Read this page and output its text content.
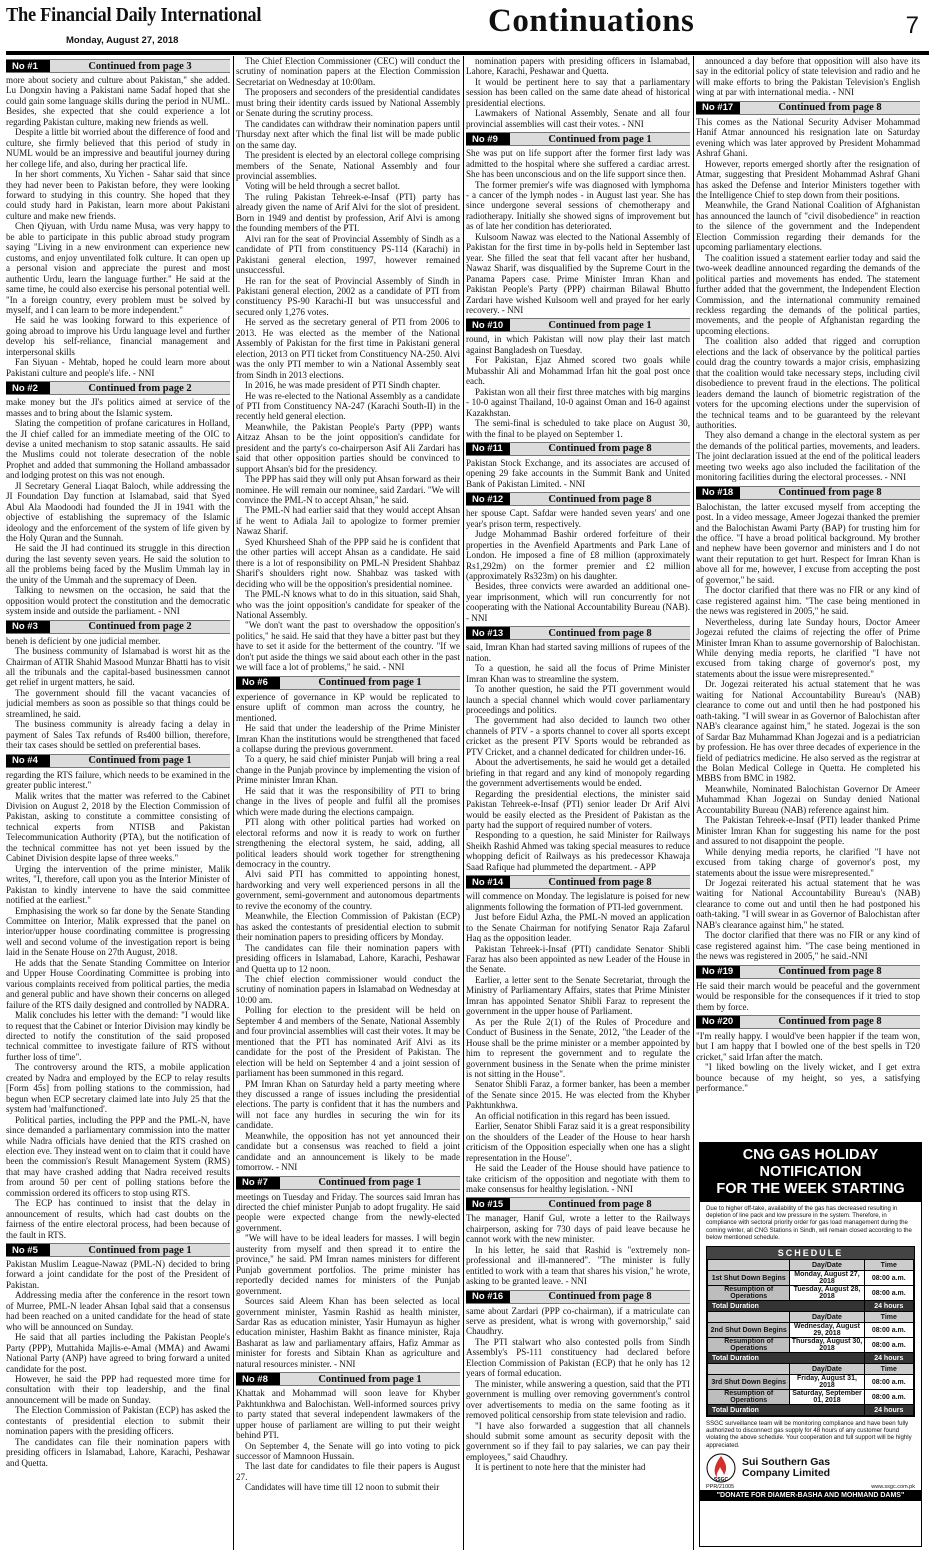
The Financial Daily International
Monday, August 27, 2018
Continuations	7
No #1	Continued from page 3

more about society and culture about Pakistan," she added. Lu Dongxin having a Pakistani name Sadaf hoped that she could gain some language skills during the period in NUML. Besides, she expected that she could experience a lot regarding Pakistan culture, making new friends as well.

Despite a little bit worried about the difference of food and culture, she firmly believed that this period of study in NUML would be an impressive and beautiful journey during her college life, and also, during her practical life.

In her short comments, Xu Yichen - Sahar said that since they had never been to Pakistan before, they were looking forward to studying in this country. She hoped that they could study hard in Pakistan, learn more about Pakistani culture and make new friends.

Chen Qiyuan, with Urdu name Musa, was very happy to be able to participate in this public abroad study program saying "Living in a new environment can experience new customs, and enjoy unventilated folk culture. It can open up a personal vision and appreciate the purest and most authentic Urdu, learn the language further." He said at the same time, he could also exercise his personal potential well. "In a foreign country, every problem must be solved by myself, and I can learn to be more independent."

He said he was looking forward to this experience of going abroad to improve his Urdu language level and further develop his self-reliance, financial management and interpersonal skills

Fan Siyuan - Mehtab, hoped he could learn more about Pakistani culture and people's life. - NNI

No #2	Continued from page 2

make money but the JI's politics aimed at service of the masses and to bring about the Islamic system.

Slating the competition of profane caricatures in Holland, the JI chief called for an immediate meeting of the OIC to devise a united mechanism to stop satanic assaults. He said the Muslims could not tolerate desecration of the noble Prophet and added that summoning the Holland ambassador and lodging protest on this was not enough.

JI Secretary General Liaqat Baloch, while addressing the JI Foundation Day function at Islamabad, said that Syed Abul Ala Maodoodi had founded the JI in 1941 with the objective of establishing the supremacy of the Islamic ideology and the enforcement of the system of life given by the Holy Quran and the Sunnah.

He said the JI had continued its struggle in this direction during the last seventy seven years. He said the solution to all the problems being faced by the Muslim Ummah lay in the unity of the Ummah and the supremacy of Deen.

Talking to newsmen on the occasion, he said that the opposition would protect the constitution and the democratic system inside and outside the parliament. - NNI

No #3	Continued from page 2

beneh is deficient by one judicial member.

The business community of Islamabad is worst hit as the Chairman of ATIR Shahid Masood Munzar Bhatti has to visit all the tribunals and the capital-based businessmen cannot get relief in urgent matters, he said.

The government should fill the vacant vacancies of judicial members as soon as possible so that things could be streamlined, he said.

The business community is already facing a delay in payment of Sales Tax refunds of Rs400 billion, therefore, their tax cases should be settled on preferential bases.

No #4	Continued from page 1

regarding the RTS failure, which needs to be examined in the greater public interest."

Malik writes that the matter was referred to the Cabinet Division on August 2, 2018 by the Election Commission of Pakistan, asking to constitute a committee consisting of technical experts from NTISB and Pakistan Telecommunication Authority (PTA), but the notification of the technical committee has not yet been issued by the Cabinet Division despite lapse of three weeks."

Urging the intervention of the prime minister, Malik writes, "I, therefore, call upon you as the Interior Minister of Pakistan to kindly intervene to have the said committee notified at the earliest."

Emphasising the work so far done by the Senate Standing Committee on Interior, Malik expressed that the panel on interior/upper house coordinating committee is progressing well and second volume of the investigation report is being laid in the Senate House on 27th August, 2018.

He adds that the Senate Standing Committee on Interior and Upper House Coordinating Committee is probing into various complaints received from political parties, the media and general public and have shown their concerns on alleged failure of the RTS daily designed and controlled by NADRA.

Malik concludes his letter with the demand: "I would like to request that the Cabinet or Interior Division may kindly be directed to notify the constitution of the said proposed technical committee to investigate failure of RTS without further loss of time".

The controversy around the RTS, a mobile application created by Nadra and employed by the ECP to relay results [Form 45s] from polling stations to the commission, had begun when ECP secretary claimed late into July 25 that the system had 'malfunctioned'.

Political parties, including the PPP and the PML-N, have since demanded a parliamentary commission into the matter while Nadra officials have denied that the RTS crashed on election eve. They instead went on to claim that it could have been the commission's Result Management System (RMS) that may have crashed adding that Nadra received results from around 50 per cent of polling stations before the commission ordered its officers to stop using RTS.

The ECP has continued to insist that the delay in announcement of results, which had cast doubts on the fairness of the entire electoral process, had been because of the fault in RTS.

No #5	Continued from page 1

Pakistan Muslim League-Nawaz (PML-N) decided to bring forward a joint candidate for the post of the President of Pakistan.

Addressing media after the conference in the resort town of Murree, PML-N leader Ahsan Iqbal said that a consensus had been reached on a united candidate for the head of state who will be announced on Sunday.

He said that all parties including the Pakistan People's Party (PPP), Muttahida Majlis-e-Amal (MMA) and Awami National Party (ANP) have agreed to bring forward a united candidate for the post.

However, he said the PPP had requested more time for consultation with their top leadership, and the final announcement will be made on Sunday.

The Election Commission of Pakistan (ECP) has asked the contestants of presidential election to submit their nomination papers with the presiding officers.

The candidates can file their nomination papers with presiding officers in Islamabad, Lahore, Karachi, Peshawar and Quetta.

The Chief Election Commissioner (CEC) will conduct the scrutiny of nomination papers at the Election Commission Secretariat on Wednesday at 10:00am.

The proposers and seconders of the presidential candidates must bring their identity cards issued by National Assembly or Senate during the scrutiny process.

The candidates can withdraw their nomination papers until Thursday next after which the final list will be made public on the same day.

The president is elected by an electoral college comprising members of the Senate, National Assembly and four provincial assemblies.

Voting will be held through a secret ballot.

The ruling Pakistan Tehreek-e-Insaf (PTI) party has already given the name of Arif Alvi for the slot of president. Born in 1949 and dentist by profession, Arif Alvi is among the founding members of the PTI.

Alvi ran for the seat of Provincial Assembly of Sindh as a candidate of PTI from constituency PS-114 (Karachi) in Pakistani general election, 1997, however remained unsuccessful.

He ran for the seat of Provincial Assembly of Sindh in Pakistani general election, 2002 as a candidate of PTI from constituency PS-90 Karachi-II but was unsuccessful and secured only 1,276 votes.

He served as the secretary general of PTI from 2006 to 2013. He was elected as the member of the National Assembly of Pakistan for the first time in Pakistani general election, 2013 on PTI ticket from Constituency NA-250. Alvi was the only PTI member to win a National Assembly seat from Sindh in 2013 elections.

In 2016, he was made president of PTI Sindh chapter.

He was re-elected to the National Assembly as a candidate of PTI from Constituency NA-247 (Karachi South-II) in the recently held general election.

Meanwhile, the Pakistan People's Party (PPP) wants Aitzaz Ahsan to be the joint opposition's candidate for president and the party's co-chairperson Asif Ali Zardari has said that other opposition parties should be convinced to support Ahsan's bid for the presidency.

The PPP has said they will only put Ahsan forward as their nominee. He will remain our nominee, said Zardari. "We will convince the PML-N to accept Ahsan," he said.

The PML-N had earlier said that they would accept Ahsan if he went to Adiala Jail to apologize to former premier Nawaz Sharif.

Syed Khursheed Shah of the PPP said he is confident that the other parties will accept Ahsan as a candidate. He said there is a lot of responsibility on PML-N President Shahbaz Sharif's shoulders right now. Shahbaz was tasked with deciding who will be the opposition's presidential nominee.

The PML-N knows what to do in this situation, said Shah, who was the joint opposition's candidate for speaker of the National Assembly.

"We don't want the past to overshadow the opposition's politics," he said. He said that they have a bitter past but they have to set it aside for the betterment of the country. "If we don't put aside the things we said about each other in the past we will face a lot of problems," he said. - NNI

No #6	Continued from page 1

experience of governance in KP would be replicated to ensure uplift of common man across the country, he mentioned.

He said that under the leadership of the Prime Minister Imran Khan the institutions would be strengthened that faced a collapse during the previous government.

To a query, he said chief minister Punjab will bring a real change in the Punjab province by implementing the vision of Prime minister Imran Khan.

He said that it was the responsibility of PTI to bring change in the lives of people and fulfil all the promises which were made during the elections campaign.

PTI along with other political parties had worked on electoral reforms and now it is ready to work on further strengthening the electoral system, he said, adding, all political leaders should work together for strengthening democracy in the country.

Alvi said PTI has committed to appointing honest, hardworking and very well experienced persons in all the government, semi-government and autonomous departments to revive the economy of the country.

Meanwhile, the Election Commission of Pakistan (ECP) has asked the contestants of presidential election to submit their nomination papers to presiding officers by Monday.

The candidates can file their nomination papers with presiding officers in Islamabad, Lahore, Karachi, Peshawar and Quetta up to 12 noon.

The chief election commissioner would conduct the scrutiny of nomination papers in Islamabad on Wednesday at 10:00 am.

Polling for election to the president will be held on September 4 and members of the Senate, National Assembly and four provincial assemblies will cast their votes. It may be mentioned that the PTI has nominated Arif Alvi as its candidate for the post of the President of Pakistan. The election will be held on September 4 and a joint session of parliament has been summoned in this regard.

PM Imran Khan on Saturday held a party meeting where they discussed a range of issues including the presidential elections. The party is confident that it has the numbers and will not face any hurdles in securing the win for its candidate.

Meanwhile, the opposition has not yet announced their candidate but a consensus was reached to field a joint candidate and an announcement is likely to be made tomorrow. - NNI

No #7	Continued from page 1

meetings on Tuesday and Friday. The sources said Imran has directed the chief minister Punjab to adopt frugality. He said people were expected change from the newly-elected government.

"We will have to be ideal leaders for masses. I will begin austerity from myself and then spread it to entire the province," he said. PM Imran names ministers for different Punjab government portfolios. The prime minister has reportedly decided names for ministers of the Punjab government.

Sources said Aleem Khan has been selected as local government minister, Yasmin Rashid as health minister, Sardar Ras as education minister, Yasir Humayun as higher education minister, Hashim Bakht as finance minister, Raja Basharat as law and parliamentary affairs, Hafiz Ammar as minister for forests and Sibtain Khan as agriculture and natural resources minister. - NNI

No #8	Continued from page 1

Khattak and Mohammad will soon leave for Khyber Pakhtunkhwa and Balochistan. Well-informed sources privy to party stated that several independent lawmakers of the upper house of parliament are willing to put their weight behind PTI.

On September 4, the Senate will go into voting to pick successor of Mamnoon Hussain.

The last date for candidates to file their papers is August 27.

Candidates will have time till 12 noon to submit their

nomination papers with presiding officers in Islamabad, Lahore, Karachi, Peshawar and Quetta.

It would be pertinent here to say that a parliamentary session has been called on the same date ahead of historical presidential elections.

Lawmakers of National Assembly, Senate and all four provincial assemblies will cast their votes. - NNI

No #9	Continued from page 1

She was put on life support after the former first lady was admitted to the hospital where she suffered a cardiac arrest. She has been unconscious and on the life support since then.

The former premier's wife was diagnosed with lymphoma - a cancer of the lymph nodes - in August last year. She has since undergone several sessions of chemotherapy and radiotherapy. Initially she showed signs of improvement but as of late her condition has deteriorated.

Kulsoom Nawaz was elected to the National Assembly of Pakistan for the first time in by-polls held in September last year. She filled the seat that fell vacant after her husband, Nawaz Sharif, was disqualified by the Supreme Court in the Panama Papers case. Prime Minister Imran Khan and Pakistan People's Party (PPP) chairman Bilawal Bhutto Zardari have wished Kulsoom well and prayed for her early recovery. - NNI

No #10	Continued from page 1

round, in which Pakistan will now play their last match against Bangladesh on Tuesday.

For Pakistan, Ejaz Ahmed scored two goals while Mubasshir Ali and Mohammad Irfan hit the goal post once each.

Pakistan won all their first three matches with big margins - 10-0 against Thailand, 10-0 against Oman and 16-0 against Kazakhstan.

The semi-final is scheduled to take place on August 30, with the final to be played on September 1.

No #11	Continued from page 8

Pakistan Stock Exchange, and its associates are accused of opening 29 fake accounts in the Summit Bank and United Bank of Pakistan Limited. - NNI

No #12	Continued from page 8

her spouse Capt. Safdar were handed seven years' and one year's prison term, respectively.

Judge Mohammad Bashir ordered forfeiture of their properties in the Avenfield Apartments and Park Lane of London. He imposed a fine of £8 million (approximately Rs1,292m) on the former premier and £2 million (approximately Rs323m) on his daughter.

Besides, three convicts were awarded an additional one-year imprisonment, which will run concurrently for not cooperating with the National Accountability Bureau (NAB). - NNI

No #13	Continued from page 8

said, Imran Khan had started saving millions of rupees of the nation.

To a question, he said all the focus of Prime Minister Imran Khan was to streamline the system.

To another question, he said the PTI government would launch a special channel which would cover parliamentary proceedings and politics.

The government had also decided to launch two other channels of PTV - a sports channel to cover all sports except cricket as the present PTV Sports would be rebranded as PTV Cricket, and a channel dedicated for children under-16.

About the advertisements, he said he would get a detailed briefing in that regard and any kind of monopoly regarding the government advertisements would be ended.

Regarding the presidential elections, the minister said Pakistan Tehreek-e-Insaf (PTI) senior leader Dr Arif Alvi would be easily elected as the President of Pakistan as the party had the support of required number of voters.

Responding to a question, he said Minister for Railways Sheikh Rashid Ahmed was taking special measures to reduce whopping deficit of Railways as his predecessor Khawaja Saad Rafique had plummeted the department. - APP

No #14	Continued from page 8

will commence on Monday. The legislature is poised for new alignments following the formation of PTI-led government.

Just before Eidul Azha, the PML-N moved an application to the Senate Chairman for notifying Senator Raja Zafarul Haq as the opposition leader.

Pakistan Tehreek-i-Insaf (PTI) candidate Senator Shibli Faraz has also been appointed as new Leader of the House in the Senate.

Earlier, a letter sent to the Senate Secretariat, through the Ministry of Parliamentary Affairs, states that Prime Minister Imran has appointed Senator Shibli Faraz to represent the government in the upper house of Parliament.

As per the Rule 2(1) of the Rules of Procedure and Conduct of Business in the Senate, 2012, "the Leader of the House shall be the prime minister or a member appointed by him to represent the government and to regulate the government business in the Senate when the prime minister is not sitting in the House".

Senator Shibli Faraz, a former banker, has been a member of the Senate since 2015. He was elected from the Khyber Pakhtunkhwa.

An official notification in this regard has been issued.

Earlier, Senator Shibli Faraz said it is a great responsibility on the shoulders of the Leader of the House to hear harsh criticism of the Opposition especially when one has a slight representation in the House".

He said the Leader of the House should have patience to take criticism of the opposition and negotiate with them to make consensus for healthy legislation. - NNI

No #15	Continued from page 8

The manager, Hanif Gul, wrote a letter to the Railways chairperson, asking for 730 days of paid leave because he cannot work with the new minister.

In his letter, he said that Rashid is "extremely non-professional and ill-mannered". "The minister is fully entitled to work with a team that shares his vision," he wrote, asking to be granted leave. - NNI

No #16	Continued from page 8

same about Zardari (PPP co-chairman), if a matriculate can serve as president, what is wrong with governorship," said Chaudhry.

The PTI stalwart who also contested polls from Sindh Assembly's PS-111 constituency had declared before Election Commission of Pakistan (ECP) that he only has 12 years of formal education.

The minister, while answering a question, said that the PTI government is mulling over removing government's control over advertisements to media on the same footing as it removed political censorship from state television and radio.

"I have also forwarded a suggestion that all channels should submit some amount as security deposit with the government so if they fail to pay salaries, we can pay their employees," said Chaudhry.

It is pertinent to note here that the minister had

announced a day before that opposition will also have its say in the editorial policy of state television and radio and he will make efforts to bring the Pakistan Television's English wing at par with international media. - NNI

No #17	Continued from page 8

This comes as the National Security Adviser Mohammad Hanif Atmar announced his resignation late on Saturday evening which was later approved by President Mohammad Ashraf Ghani.

However, reports emerged shortly after the resignation of Atmar, suggesting that President Mohammad Ashraf Ghani has asked the Defense and Interior Ministers together with the Intelligence Chief to step down from their positions.

Meanwhile, the Grand National Coalition of Afghanistan has announced the launch of "civil disobedience" in reaction to the silence of the government and the Independent Election Commission regarding their demands for the upcoming parliamentary elections.

The coalition issued a statement earlier today and said the two-week deadline announced regarding the demands of the political parties and movements has ended. The statement further added that the government, the Independent Election Commission, and the international community remained reckless regarding the demands of the political parties, movements, and the people of Afghanistan regarding the upcoming elections.

The coalition also added that rigged and corruption elections and the lack of observance by the political parties could drag the country towards a major crisis, emphasizing that the coalition would take necessary steps, including civil disobedience to prevent fraud in the elections. The political leaders demand the launch of biometric registration of the voters for the upcoming elections under the supervision of the technical teams and to be guaranteed by the relevant authorities.

They also demand a change in the electoral system as per the demands of the political parties, movements, and leaders. The joint declaration issued at the end of the political leaders meeting two weeks ago also included the facilitation of the monitoring facilities during the electoral processes. - NNI

No #18	Continued from page 8

Balochistan, the latter excused myself from accepting the post. In a video message, Ameer Jogezai thanked the premier and the Balochistan Awami Party (BAP) for trusting him for the office. "I have a broad political background. My brother and nephew have been governor and ministers and I do not want their reputation to get hurt. Respect for Imran Khan is above all for me, however, I excuse from accepting the post of governor," he said.

The doctor clarified that there was no FIR or any kind of case registered against him. "The case being mentioned in the news was registered in 2005," he said.

Nevertheless, during late Sunday hours, Doctor Ameer Jogezai refuted the claims of rejecting the offer of Prime Minister Imran Khan to assume governorship of Balochistan. While denying media reports, he clarified "I have not excused from taking charge of governor's post, my statements about the issue were misrepresented."

Dr. Jogezai reiterated his actual statement that he was waiting for National Accountability Bureau's (NAB) clearance to come out and until then he had postponed his oath-taking. "I will swear in as Governor of Balochistan after NAB's clearance against him," he stated. Jogezai is the son of Sardar Baz Muhammad Khan Jogezai and is a pediatrician by profession. He has over three decades of experience in the field of pediatrics medicine. He also served as the registrar at the Bolan Medical College in Quetta. He completed his MBBS from BMC in 1982.

Meanwhile, Nominated Balochistan Governor Dr Ameer Muhammad Khan Jogezai on Sunday denied National Accountability Bureau (NAB) reference against him.

The Pakistan Tehreek-e-Insaf (PTI) leader thanked Prime Minister Imran Khan for suggesting his name for the post and assured to not disappoint the people.

While denying media reports, he clarified "I have not excused from taking charge of governor's post, my statements about the issue were misrepresented."

Dr Jogezai reiterated his actual statement that he was waiting for National Accountability Bureau's (NAB) clearance to come out and until then he had postponed his oath-taking. "I will swear in as Governor of Balochistan after NAB's clearance against him," he stated.

The doctor clarified that there was no FIR or any kind of case registered against him. "The case being mentioned in the news was registered in 2005," he said.-NNI

No #19	Continued from page 8

He said their march would be peaceful and the government would be responsible for the consequences if it tried to stop them by force.

No #20	Continued from page 8

"I'm really happy. I would've been happier if the team won, but I am happy that I bowled one of the best spells in T20 cricket," said Irfan after the match.

"I liked bowling on the lively wicket, and I get extra bounce because of my height, so yes, a satisfying performance."

CNG GAS HOLIDAY NOTIFICATION
FOR THE WEEK STARTING
Due to higher off-take, availability of the gas has decreased resulting in depletion of line pack and low pressure in the system. Therefore, in compliance with sectoral priority order for gas load management during the coming winter, all CNG Stations in Sindh, will remain closed according to the below mentioned schedule.
SCHEDULE
	Day/Date	Time
1st Shut Down Begins	Monday, August 27, 2018	08:00 a.m.
Resumption of Operations	Tuesday, August 28, 2018	08:00 a.m.
Total Duration		24 hours
	Day/Date	Time
2nd Shut Down Begins	Wednesday, August 29, 2018	08:00 a.m.
Resumption of Operations	Thursday, August 30, 2018	08:00 a.m.
Total Duration		24 hours
	Day/Date	Time
3rd Shut Down Begins	Friday, August 31, 2018	08:00 a.m.
Resumption of Operations	Saturday, September 01, 2018	08:00 a.m.
Total Duration		24 hours
SSGC surveillance team will be monitoring compliance and have been fully authorized to disconnect gas supply for 48 hours of any customer found violating the above schedule. Your cooperation and full support will be highly appreciated.
SSGC
Sui Southern Gas
Company Limited
PPR/21005	www.ssgc.com.pk
"DONATE FOR DIAMER-BASHA AND MOHMAND DAMS"
